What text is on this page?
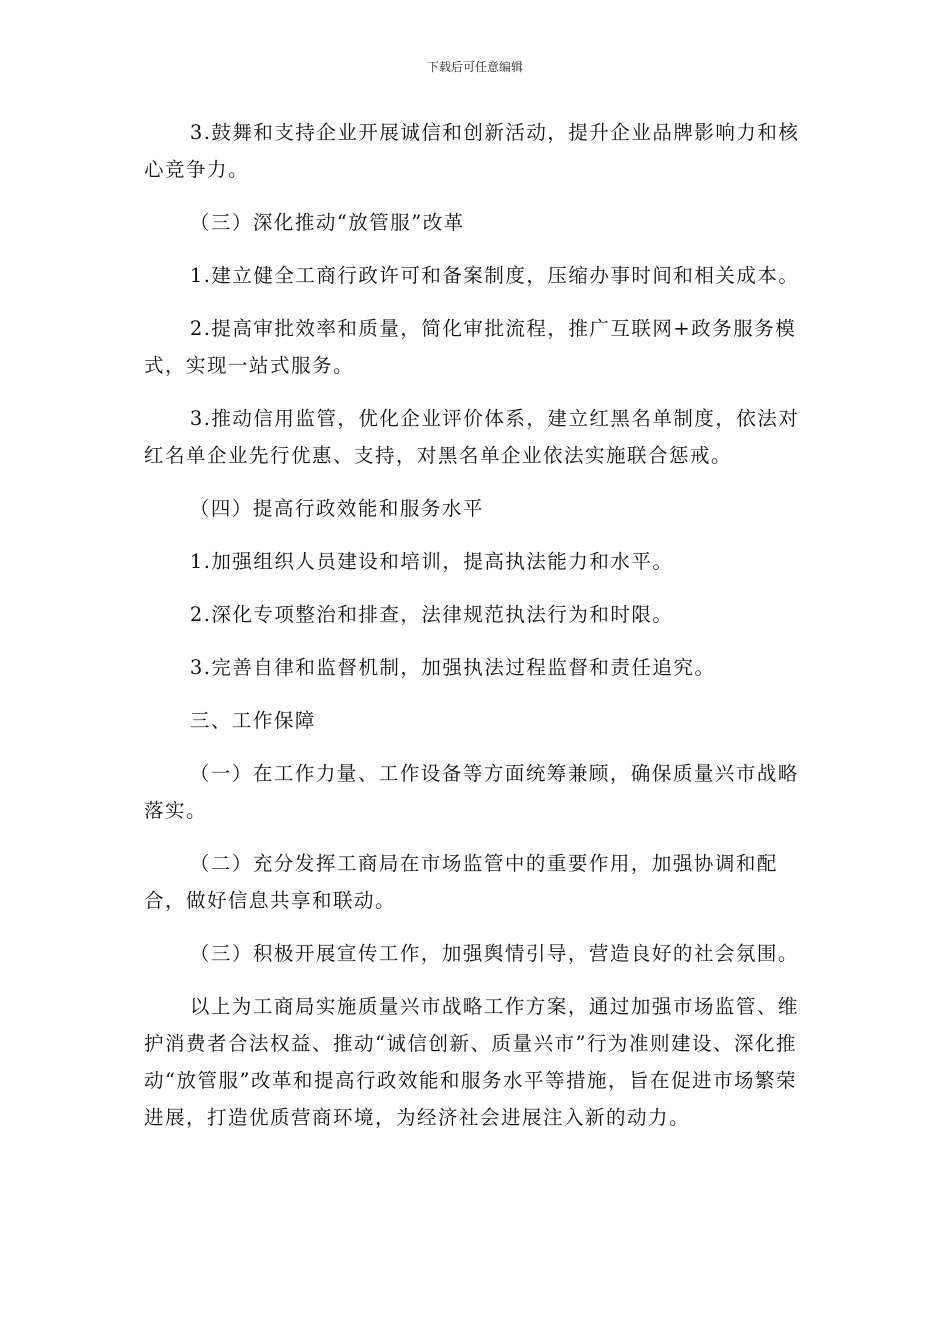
下载后可任意编辑

3.鼓舞和支持企业开展诚信和创新活动，提升企业品牌影响力和核心竞争力。

（三）深化推动“放管服”改革

1.建立健全工商行政许可和备案制度，压缩办事时间和相关成本。

2.提高审批效率和质量，简化审批流程，推广互联网+政务服务模式，实现一站式服务。

3.推动信用监管，优化企业评价体系，建立红黑名单制度，依法对红名单企业先行优惠、支持，对黑名单企业依法实施联合惩戒。

（四）提高行政效能和服务水平

1.加强组织人员建设和培训，提高执法能力和水平。

2.深化专项整治和排查，法律规范执法行为和时限。

3.完善自律和监督机制，加强执法过程监督和责任追究。

三、工作保障

（一）在工作力量、工作设备等方面统筹兼顾，确保质量兴市战略落实。

（二）充分发挥工商局在市场监管中的重要作用，加强协调和配合，做好信息共享和联动。

（三）积极开展宣传工作，加强舆情引导，营造良好的社会氛围。

以上为工商局实施质量兴市战略工作方案，通过加强市场监管、维护消费者合法权益、推动“诚信创新、质量兴市”行为准则建设、深化推动“放管服”改革和提高行政效能和服务水平等措施，旨在促进市场繁荣进展，打造优质营商环境，为经济社会进展注入新的动力。
